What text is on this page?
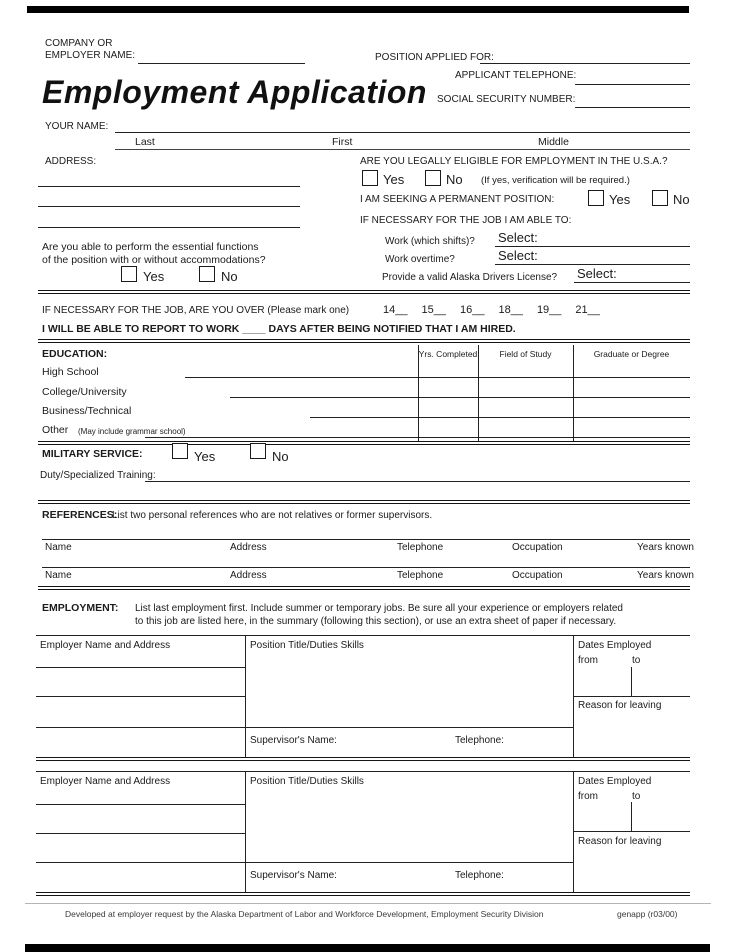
COMPANY OR
EMPLOYER NAME:	POSITION APPLIED FOR:
APPLICANT TELEPHONE:
Employment Application SOCIAL SECURITY NUMBER:
YOUR NAME:
Last	First	Middle
ADDRESS:
Are you able to perform the essential functions
of the position with or without accommodations?
Yes	No
ARE YOU LEGALLY ELIGIBLE FOR EMPLOYMENT IN THE U.S.A.?
Yes	No (If yes, verification will be required.)
I AM SEEKING A PERMANENT POSITION:	Yes	No
IF NECESSARY FOR THE JOB I AM ABLE TO:
Work (which shifts)? Select:
Work overtime?	Select:
Provide a valid Alaska Drivers License? Select:
IF NECESSARY FOR THE JOB, ARE YOU OVER (Please mark one)	14__ 15__ 16__ 18__ 19__ 21__
I WILL BE ABLE TO REPORT TO WORK ____ DAYS AFTER BEING NOTIFIED THAT I AM HIRED.
EDUCATION:	Yrs. Completed	Field of Study	Graduate or Degree
High School
College/University
Business/Technical
Other (May include grammar school)
MILITARY SERVICE:	Yes	No
Duty/Specialized Training:
REFERENCES:
List two personal references who are not relatives or former supervisors.
Name	Address	Telephone	Occupation	Years known
Name	Address	Telephone	Occupation	Years known
EMPLOYMENT: List last employment first. Include summer or temporary jobs. Be sure all your experience or employers related
to this job are listed here, in the summary (following this section), or use an extra sheet of paper if necessary.
Employer Name and Address	Position Title/Duties Skills
Supervisor's Name:	Telephone:
Dates Employed
from	to
Reason for leaving
Employer Name and Address	Position Title/Duties Skills
Supervisor's Name:	Telephone:
Dates Employed
from	to
Reason for leaving
Developed at employer request by the Alaska Department of Labor and Workforce Development, Employment Security Division	genapp (r03/00)
